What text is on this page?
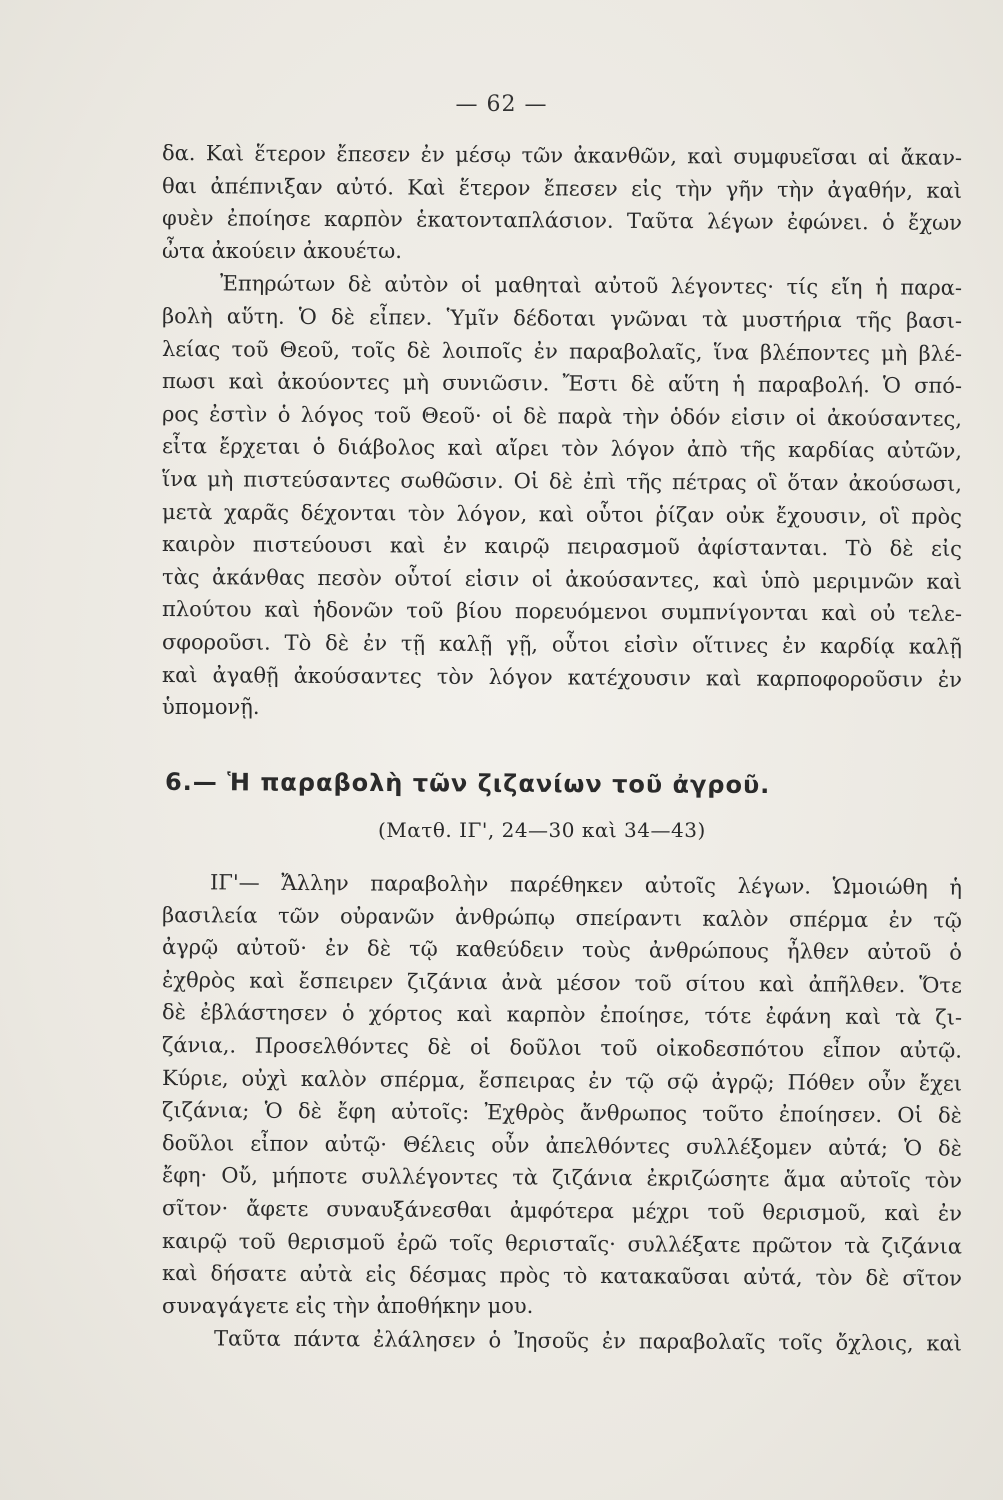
— 62 —
δα. Καὶ ἕτερον ἔπεσεν ἐν μέσῳ τῶν ἀκανθῶν, καὶ συμφυεῖσαι αἱ ἄκαν-
θαι ἀπέπνιξαν αὐτό. Καὶ ἕτερον ἔπεσεν εἰς τὴν γῆν τὴν ἀγαθήν, καὶ
φυὲν ἐποίησε καρπὸν ἑκατονταπλάσιον. Ταῦτα λέγων ἐφώνει. ὁ ἔχων
ὦτα ἀκούειν ἀκουέτω.
Ἐπηρώτων δὲ αὐτὸν οἱ μαθηταὶ αὐτοῦ λέγοντες· τίς εἴη ἡ παρα-
βολὴ αὕτη. Ὁ δὲ εἶπεν. Ὑμῖν δέδοται γνῶναι τὰ μυστήρια τῆς βασι-
λείας τοῦ Θεοῦ, τοῖς δὲ λοιποῖς ἐν παραβολαῖς, ἵνα βλέποντες μὴ βλέ-
πωσι καὶ ἀκούοντες μὴ συνιῶσιν. Ἔστι δὲ αὕτη ἡ παραβολή. Ὁ σπό-
ρος ἐστὶν ὁ λόγος τοῦ Θεοῦ· οἱ δὲ παρὰ τὴν ὁδόν εἰσιν οἱ ἀκούσαντες,
εἶτα ἔρχεται ὁ διάβολος καὶ αἴρει τὸν λόγον ἀπὸ τῆς καρδίας αὐτῶν,
ἵνα μὴ πιστεύσαντες σωθῶσιν. Οἱ δὲ ἐπὶ τῆς πέτρας οἳ ὅταν ἀκούσωσι,
μετὰ χαρᾶς δέχονται τὸν λόγον, καὶ οὗτοι ῥίζαν οὐκ ἔχουσιν, οἳ πρὸς
καιρὸν πιστεύουσι καὶ ἐν καιρῷ πειρασμοῦ ἀφίστανται. Τὸ δὲ εἰς
τὰς ἀκάνθας πεσὸν οὗτοί εἰσιν οἱ ἀκούσαντες, καὶ ὑπὸ μεριμνῶν καὶ
πλούτου καὶ ἡδονῶν τοῦ βίου πορευόμενοι συμπνίγονται καὶ οὐ τελε-
σφοροῦσι. Τὸ δὲ ἐν τῇ καλῇ γῇ, οὗτοι εἰσὶν οἵτινες ἐν καρδίᾳ καλῇ
καὶ ἀγαθῇ ἀκούσαντες τὸν λόγον κατέχουσιν καὶ καρποφοροῦσιν ἐν
ὑπομονῇ.
6.— Ἡ παραβολὴ τῶν ζιζανίων τοῦ ἀγροῦ.
(Ματθ. ΙΓ', 24—30 καὶ 34—43)
ΙΓ'— Ἄλλην παραβολὴν παρέθηκεν αὐτοῖς λέγων. Ὡμοιώθη ἡ
βασιλεία τῶν οὐρανῶν ἀνθρώπῳ σπείραντι καλὸν σπέρμα ἐν τῷ
ἀγρῷ αὐτοῦ· ἐν δὲ τῷ καθεύδειν τοὺς ἀνθρώπους ἦλθεν αὐτοῦ ὁ
ἐχθρὸς καὶ ἔσπειρεν ζιζάνια ἀνὰ μέσον τοῦ σίτου καὶ ἀπῆλθεν. Ὅτε
δὲ ἐβλάστησεν ὁ χόρτος καὶ καρπὸν ἐποίησε, τότε ἐφάνη καὶ τὰ ζι-
ζάνια,. Προσελθόντες δὲ οἱ δοῦλοι τοῦ οἰκοδεσπότου εἶπον αὐτῷ.
Κύριε, οὐχὶ καλὸν σπέρμα, ἔσπειρας ἐν τῷ σῷ ἀγρῷ; Πόθεν οὖν ἔχει
ζιζάνια; Ὁ δὲ ἔφη αὐτοῖς: Ἐχθρὸς ἄνθρωπος τοῦτο ἐποίησεν. Οἱ δὲ
δοῦλοι εἶπον αὐτῷ· Θέλεις οὖν ἀπελθόντες συλλέξομεν αὐτά; Ὁ δὲ
ἔφη· Οὔ, μήποτε συλλέγοντες τὰ ζιζάνια ἐκριζώσητε ἅμα αὐτοῖς τὸν
σῖτον· ἄφετε συναυξάνεσθαι ἀμφότερα μέχρι τοῦ θερισμοῦ, καὶ ἐν
καιρῷ τοῦ θερισμοῦ ἐρῶ τοῖς θερισταῖς· συλλέξατε πρῶτον τὰ ζιζάνια
καὶ δήσατε αὐτὰ εἰς δέσμας πρὸς τὸ κατακαῦσαι αὐτά, τὸν δὲ σῖτον
συναγάγετε εἰς τὴν ἀποθήκην μου.
Ταῦτα πάντα ἐλάλησεν ὁ Ἰησοῦς ἐν παραβολαῖς τοῖς ὄχλοις, καὶ
